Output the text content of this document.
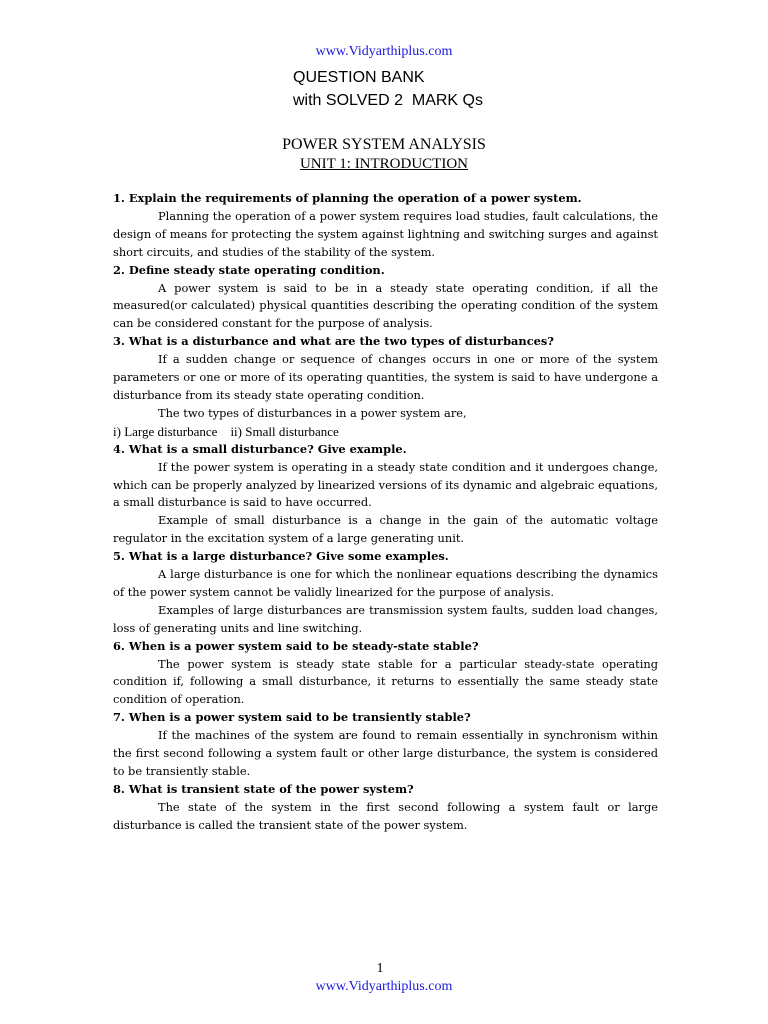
www.Vidyarthiplus.com
QUESTION BANK
with SOLVED 2  MARK Qs
POWER SYSTEM ANALYSIS
UNIT 1: INTRODUCTION

1. Explain the requirements of planning the operation of a power system.

Planning the operation of a power system requires load studies, fault calculations, the design of means for protecting the system against lightning and switching surges and against short circuits, and studies of the stability of the system.

2. Define steady state operating condition.

A power system is said to be in a steady state operating condition, if all the measured(or calculated) physical quantities describing the operating condition of the system can be considered constant for the purpose of analysis.

3. What is a disturbance and what are the two types of disturbances?

If a sudden change or sequence of changes occurs in one or more of the system parameters or one or more of its operating quantities, the system is said to have undergone a disturbance from its steady state operating condition.

The two types of disturbances in a power system are,

i) Large disturbance    ii) Small disturbance

4. What is a small disturbance? Give example.

If the power system is operating in a steady state condition and it undergoes change, which can be properly analyzed by linearized versions of its dynamic and algebraic equations, a small disturbance is said to have occurred.

Example of small disturbance is a change in the gain of the automatic voltage regulator in the excitation system of a large generating unit.

5. What is a large disturbance? Give some examples.

A large disturbance is one for which the nonlinear equations describing the dynamics of the power system cannot be validly linearized for the purpose of analysis.

Examples of large disturbances are transmission system faults, sudden load changes, loss of generating units and line switching.

6. When is a power system said to be steady-state stable?

The power system is steady state stable for a particular steady-state operating condition if, following a small disturbance, it returns to essentially the same steady state condition of operation.

7. When is a power system said to be transiently stable?

If the machines of the system are found to remain essentially in synchronism within the first second following a system fault or other large disturbance, the system is considered to be transiently stable.

8. What is transient state of the power system?

The state of the system in the first second following a system fault or large disturbance is called the transient state of the power system.

1
www.Vidyarthiplus.com
